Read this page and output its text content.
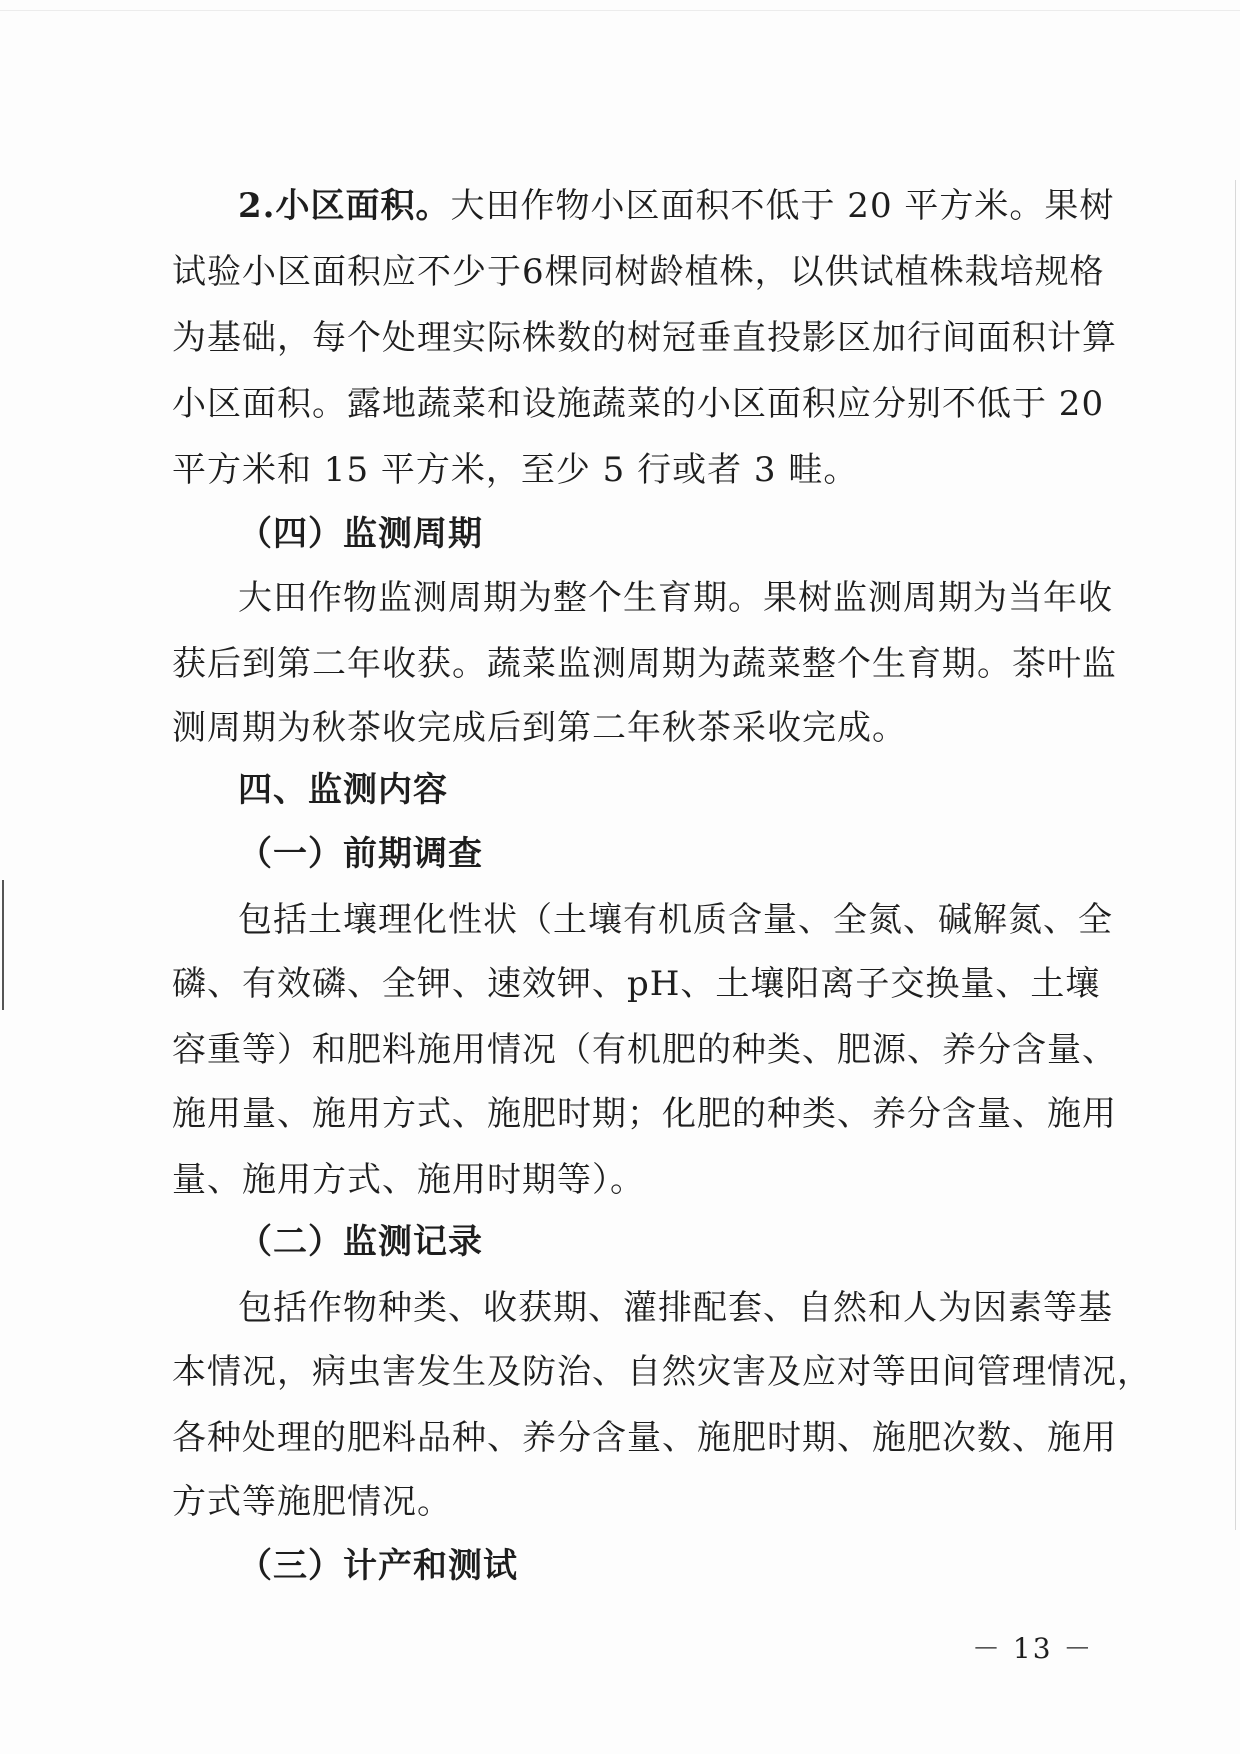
2.小区面积。大田作物小区面积不低于 20 平方米。果树
试验小区面积应不少于6棵同树龄植株，以供试植株栽培规格
为基础，每个处理实际株数的树冠垂直投影区加行间面积计算
小区面积。露地蔬菜和设施蔬菜的小区面积应分别不低于 20
平方米和 15 平方米，至少 5 行或者 3 畦。
（四）监测周期
大田作物监测周期为整个生育期。果树监测周期为当年收
获后到第二年收获。蔬菜监测周期为蔬菜整个生育期。茶叶监
测周期为秋茶收完成后到第二年秋茶采收完成。
四、监测内容
（一）前期调查
包括土壤理化性状（土壤有机质含量、全氮、碱解氮、全
磷、有效磷、全钾、速效钾、pH、土壤阳离子交换量、土壤
容重等）和肥料施用情况（有机肥的种类、肥源、养分含量、
施用量、施用方式、施肥时期；化肥的种类、养分含量、施用
量、施用方式、施用时期等）。
（二）监测记录
包括作物种类、收获期、灌排配套、自然和人为因素等基
本情况，病虫害发生及防治、自然灾害及应对等田间管理情况，
各种处理的肥料品种、养分含量、施肥时期、施肥次数、施用
方式等施肥情况。
（三）计产和测试
－ 13 －
